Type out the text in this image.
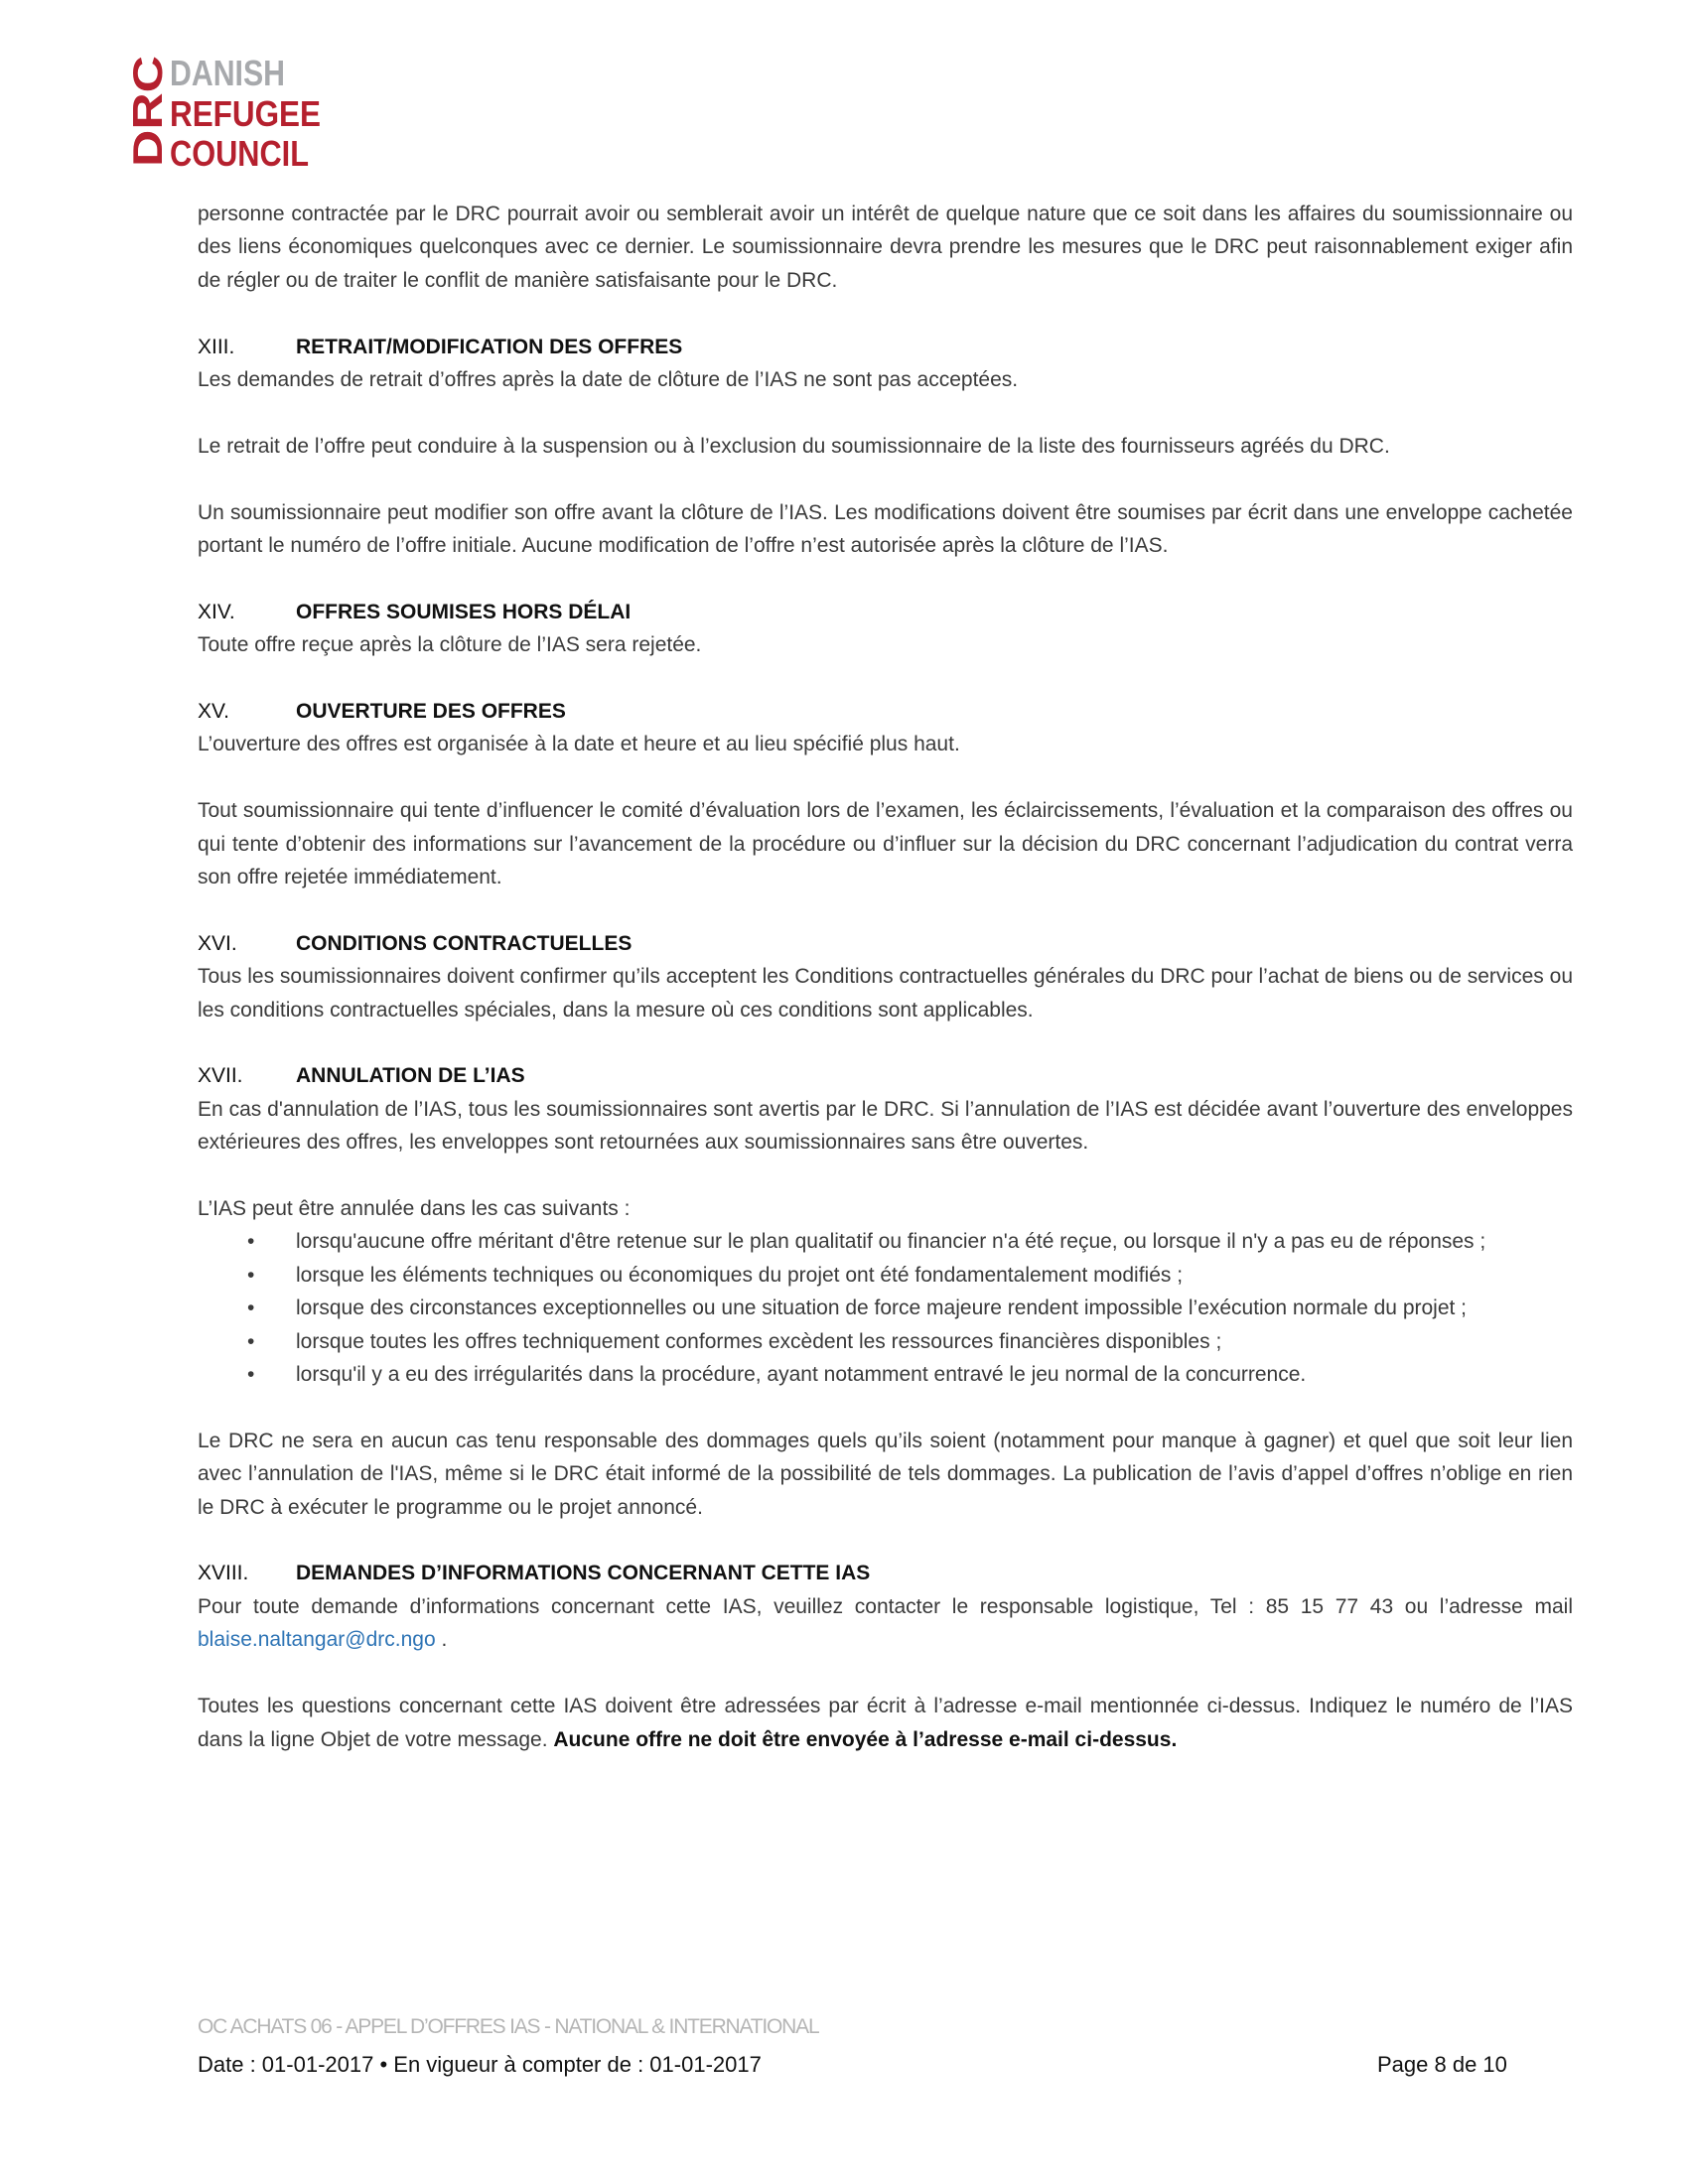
DRC
DANISH
REFUGEE
COUNCIL

personne contractée par le DRC pourrait avoir ou semblerait avoir un intérêt de quelque nature que ce soit dans les affaires du soumissionnaire ou des liens économiques quelconques avec ce dernier. Le soumissionnaire devra prendre les mesures que le DRC peut raisonnablement exiger afin de régler ou de traiter le conflit de manière satisfaisante pour le DRC.

XIII.	RETRAIT/MODIFICATION DES OFFRES

Les demandes de retrait d’offres après la date de clôture de l’IAS ne sont pas acceptées.

Le retrait de l’offre peut conduire à la suspension ou à l’exclusion du soumissionnaire de la liste des fournisseurs agréés du DRC.

Un soumissionnaire peut modifier son offre avant la clôture de l’IAS. Les modifications doivent être soumises par écrit dans une enveloppe cachetée portant le numéro de l’offre initiale. Aucune modification de l’offre n’est autorisée après la clôture de l’IAS.

XIV.	OFFRES SOUMISES HORS DÉLAI

Toute offre reçue après la clôture de l’IAS sera rejetée.

XV.	OUVERTURE DES OFFRES

L’ouverture des offres est organisée à la date et heure et au lieu spécifié plus haut.

Tout soumissionnaire qui tente d’influencer le comité d’évaluation lors de l’examen, les éclaircissements, l’évaluation et la comparaison des offres ou qui tente d’obtenir des informations sur l’avancement de la procédure ou d’influer sur la décision du DRC concernant l’adjudication du contrat verra son offre rejetée immédiatement.

XVI.	CONDITIONS CONTRACTUELLES

Tous les soumissionnaires doivent confirmer qu’ils acceptent les Conditions contractuelles générales du DRC pour l’achat de biens ou de services ou les conditions contractuelles spéciales, dans la mesure où ces conditions sont applicables.

XVII.	ANNULATION DE L’IAS

En cas d'annulation de l’IAS, tous les soumissionnaires sont avertis par le DRC. Si l’annulation de l’IAS est décidée avant l’ouverture des enveloppes extérieures des offres, les enveloppes sont retournées aux soumissionnaires sans être ouvertes.

L’IAS peut être annulée dans les cas suivants :

• lorsqu'aucune offre méritant d'être retenue sur le plan qualitatif ou financier n'a été reçue, ou lorsque il n'y a pas eu de réponses ;
• lorsque les éléments techniques ou économiques du projet ont été fondamentalement modifiés ;
• lorsque des circonstances exceptionnelles ou une situation de force majeure rendent impossible l’exécution normale du projet ;
• lorsque toutes les offres techniquement conformes excèdent les ressources financières disponibles ;
• lorsqu'il y a eu des irrégularités dans la procédure, ayant notamment entravé le jeu normal de la concurrence.

Le DRC ne sera en aucun cas tenu responsable des dommages quels qu’ils soient (notamment pour manque à gagner) et quel que soit leur lien avec l’annulation de l'IAS, même si le DRC était informé de la possibilité de tels dommages. La publication de l’avis d’appel d’offres n’oblige en rien le DRC à exécuter le programme ou le projet annoncé.

XVIII.	DEMANDES D’INFORMATIONS CONCERNANT CETTE IAS

Pour toute demande d’informations concernant cette IAS, veuillez contacter le responsable logistique, Tel : 85 15 77 43 ou l’adresse mail blaise.naltangar@drc.ngo .

Toutes les questions concernant cette IAS doivent être adressées par écrit à l’adresse e-mail mentionnée ci-dessus. Indiquez le numéro de l’IAS dans la ligne Objet de votre message. Aucune offre ne doit être envoyée à l’adresse e-mail ci-dessus.

OC ACHATS 06 - APPEL D’OFFRES IAS - NATIONAL & INTERNATIONAL
Date : 01-01-2017 • En vigueur à compter de : 01-01-2017	Page 8 de 10
